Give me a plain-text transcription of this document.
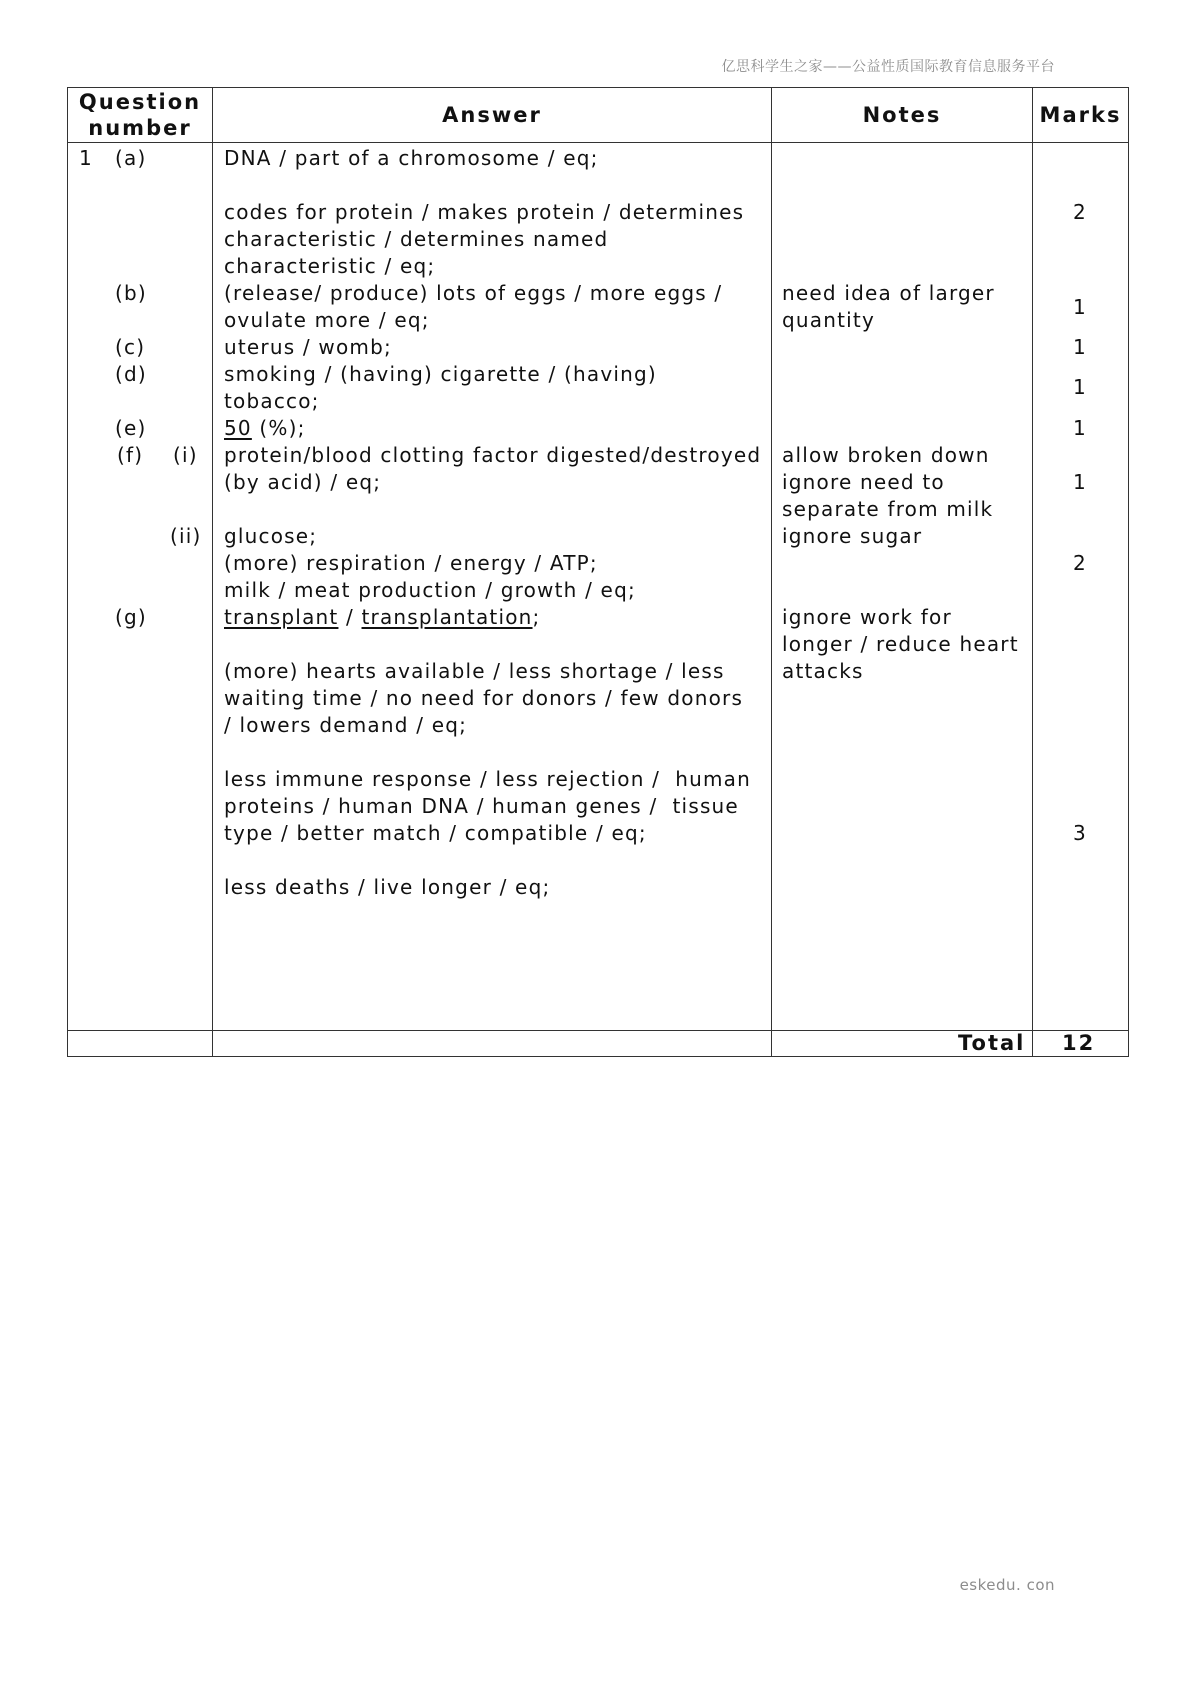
亿思科学生之家——公益性质国际教育信息服务平台
Question number
Answer	Notes	Marks
1 (a)
(b)
(c)
(d)
(e)
(f) (i)
(ii)
(g)
DNA / part of a chromosome / eq;
codes for protein / makes protein / determines
characteristic / determines named
characteristic / eq;
(release/ produce) lots of eggs / more eggs /
ovulate more / eq;
uterus / womb;
smoking / (having) cigarette / (having)
tobacco;
50 (%);
protein/blood clotting factor digested/destroyed
(by acid) / eq;
glucose;
(more) respiration / energy / ATP;
milk / meat production / growth / eq;
transplant / transplantation;
(more) hearts available / less shortage / less
waiting time / no need for donors / few donors
/ lowers demand / eq;
less immune response / less rejection /  human
proteins / human DNA / human genes /  tissue
type / better match / compatible / eq;
less deaths / live longer / eq;
need idea of larger
quantity
allow broken down
ignore need to
separate from milk
ignore sugar
ignore work for
longer / reduce heart
attacks
2
1
1
1
1
1
2
3
Total 12
eskedu. con
